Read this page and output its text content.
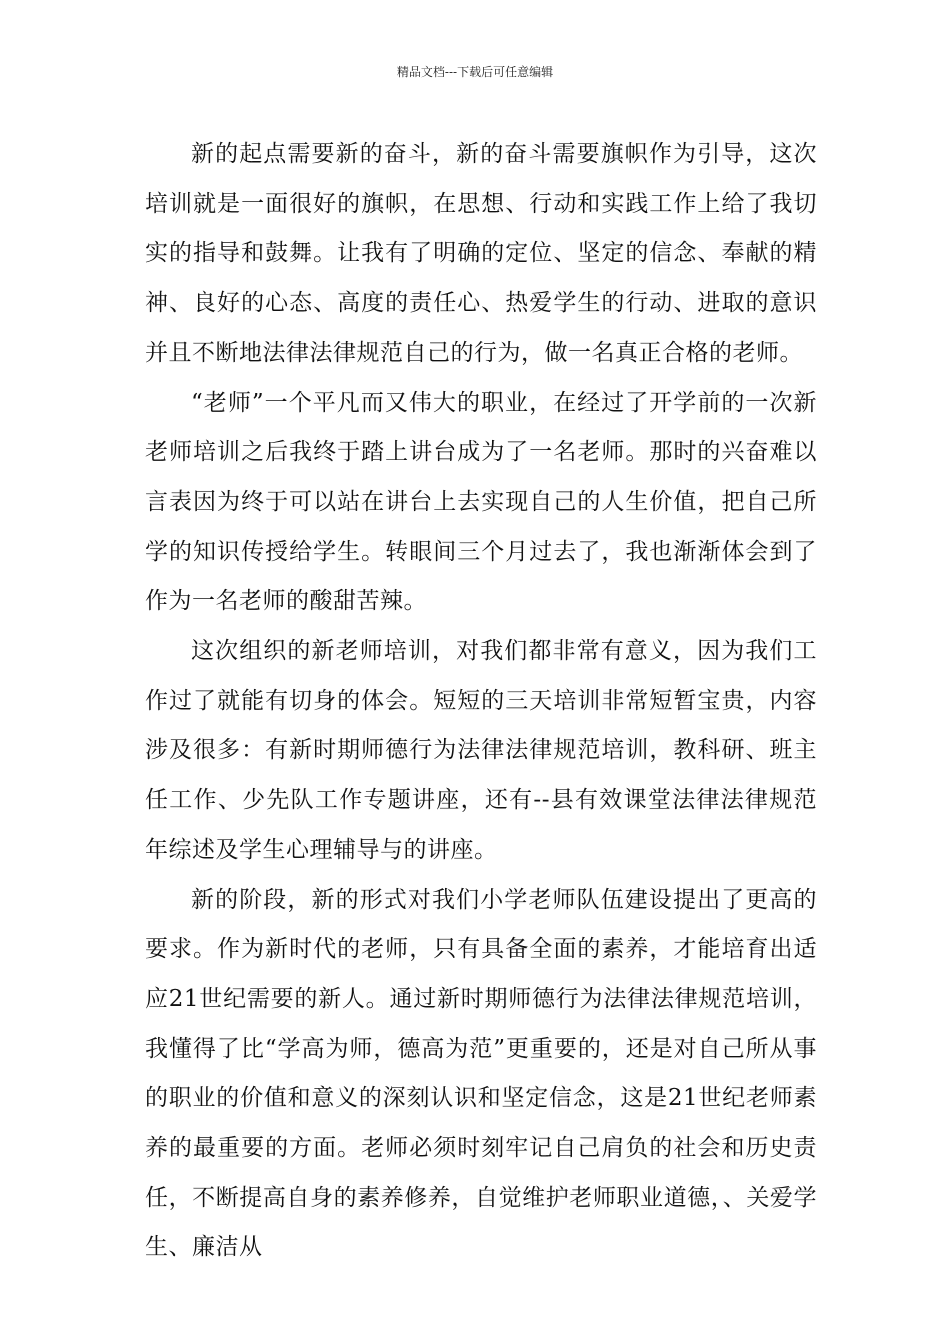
精品文档---下载后可任意编辑

新的起点需要新的奋斗，新的奋斗需要旗帜作为引导，这次培训就是一面很好的旗帜，在思想、行动和实践工作上给了我切实的指导和鼓舞。让我有了明确的定位、坚定的信念、奉献的精神、良好的心态、高度的责任心、热爱学生的行动、进取的意识并且不断地法律法律规范自己的行为，做一名真正合格的老师。

“老师”一个平凡而又伟大的职业，在经过了开学前的一次新老师培训之后我终于踏上讲台成为了一名老师。那时的兴奋难以言表因为终于可以站在讲台上去实现自己的人生价值，把自己所学的知识传授给学生。转眼间三个月过去了，我也渐渐体会到了作为一名老师的酸甜苦辣。

这次组织的新老师培训，对我们都非常有意义，因为我们工作过了就能有切身的体会。短短的三天培训非常短暂宝贵，内容涉及很多：有新时期师德行为法律法律规范培训，教科研、班主任工作、少先队工作专题讲座，还有--县有效课堂法律法律规范年综述及学生心理辅导与的讲座。

新的阶段，新的形式对我们小学老师队伍建设提出了更高的要求。作为新时代的老师，只有具备全面的素养，才能培育出适应21世纪需要的新人。通过新时期师德行为法律法律规范培训，我懂得了比“学高为师，德高为范”更重要的，还是对自己所从事的职业的价值和意义的深刻认识和坚定信念，这是21世纪老师素养的最重要的方面。老师必须时刻牢记自己肩负的社会和历史责任，不断提高自身的素养修养，自觉维护老师职业道德，、关爱学生、廉洁从
